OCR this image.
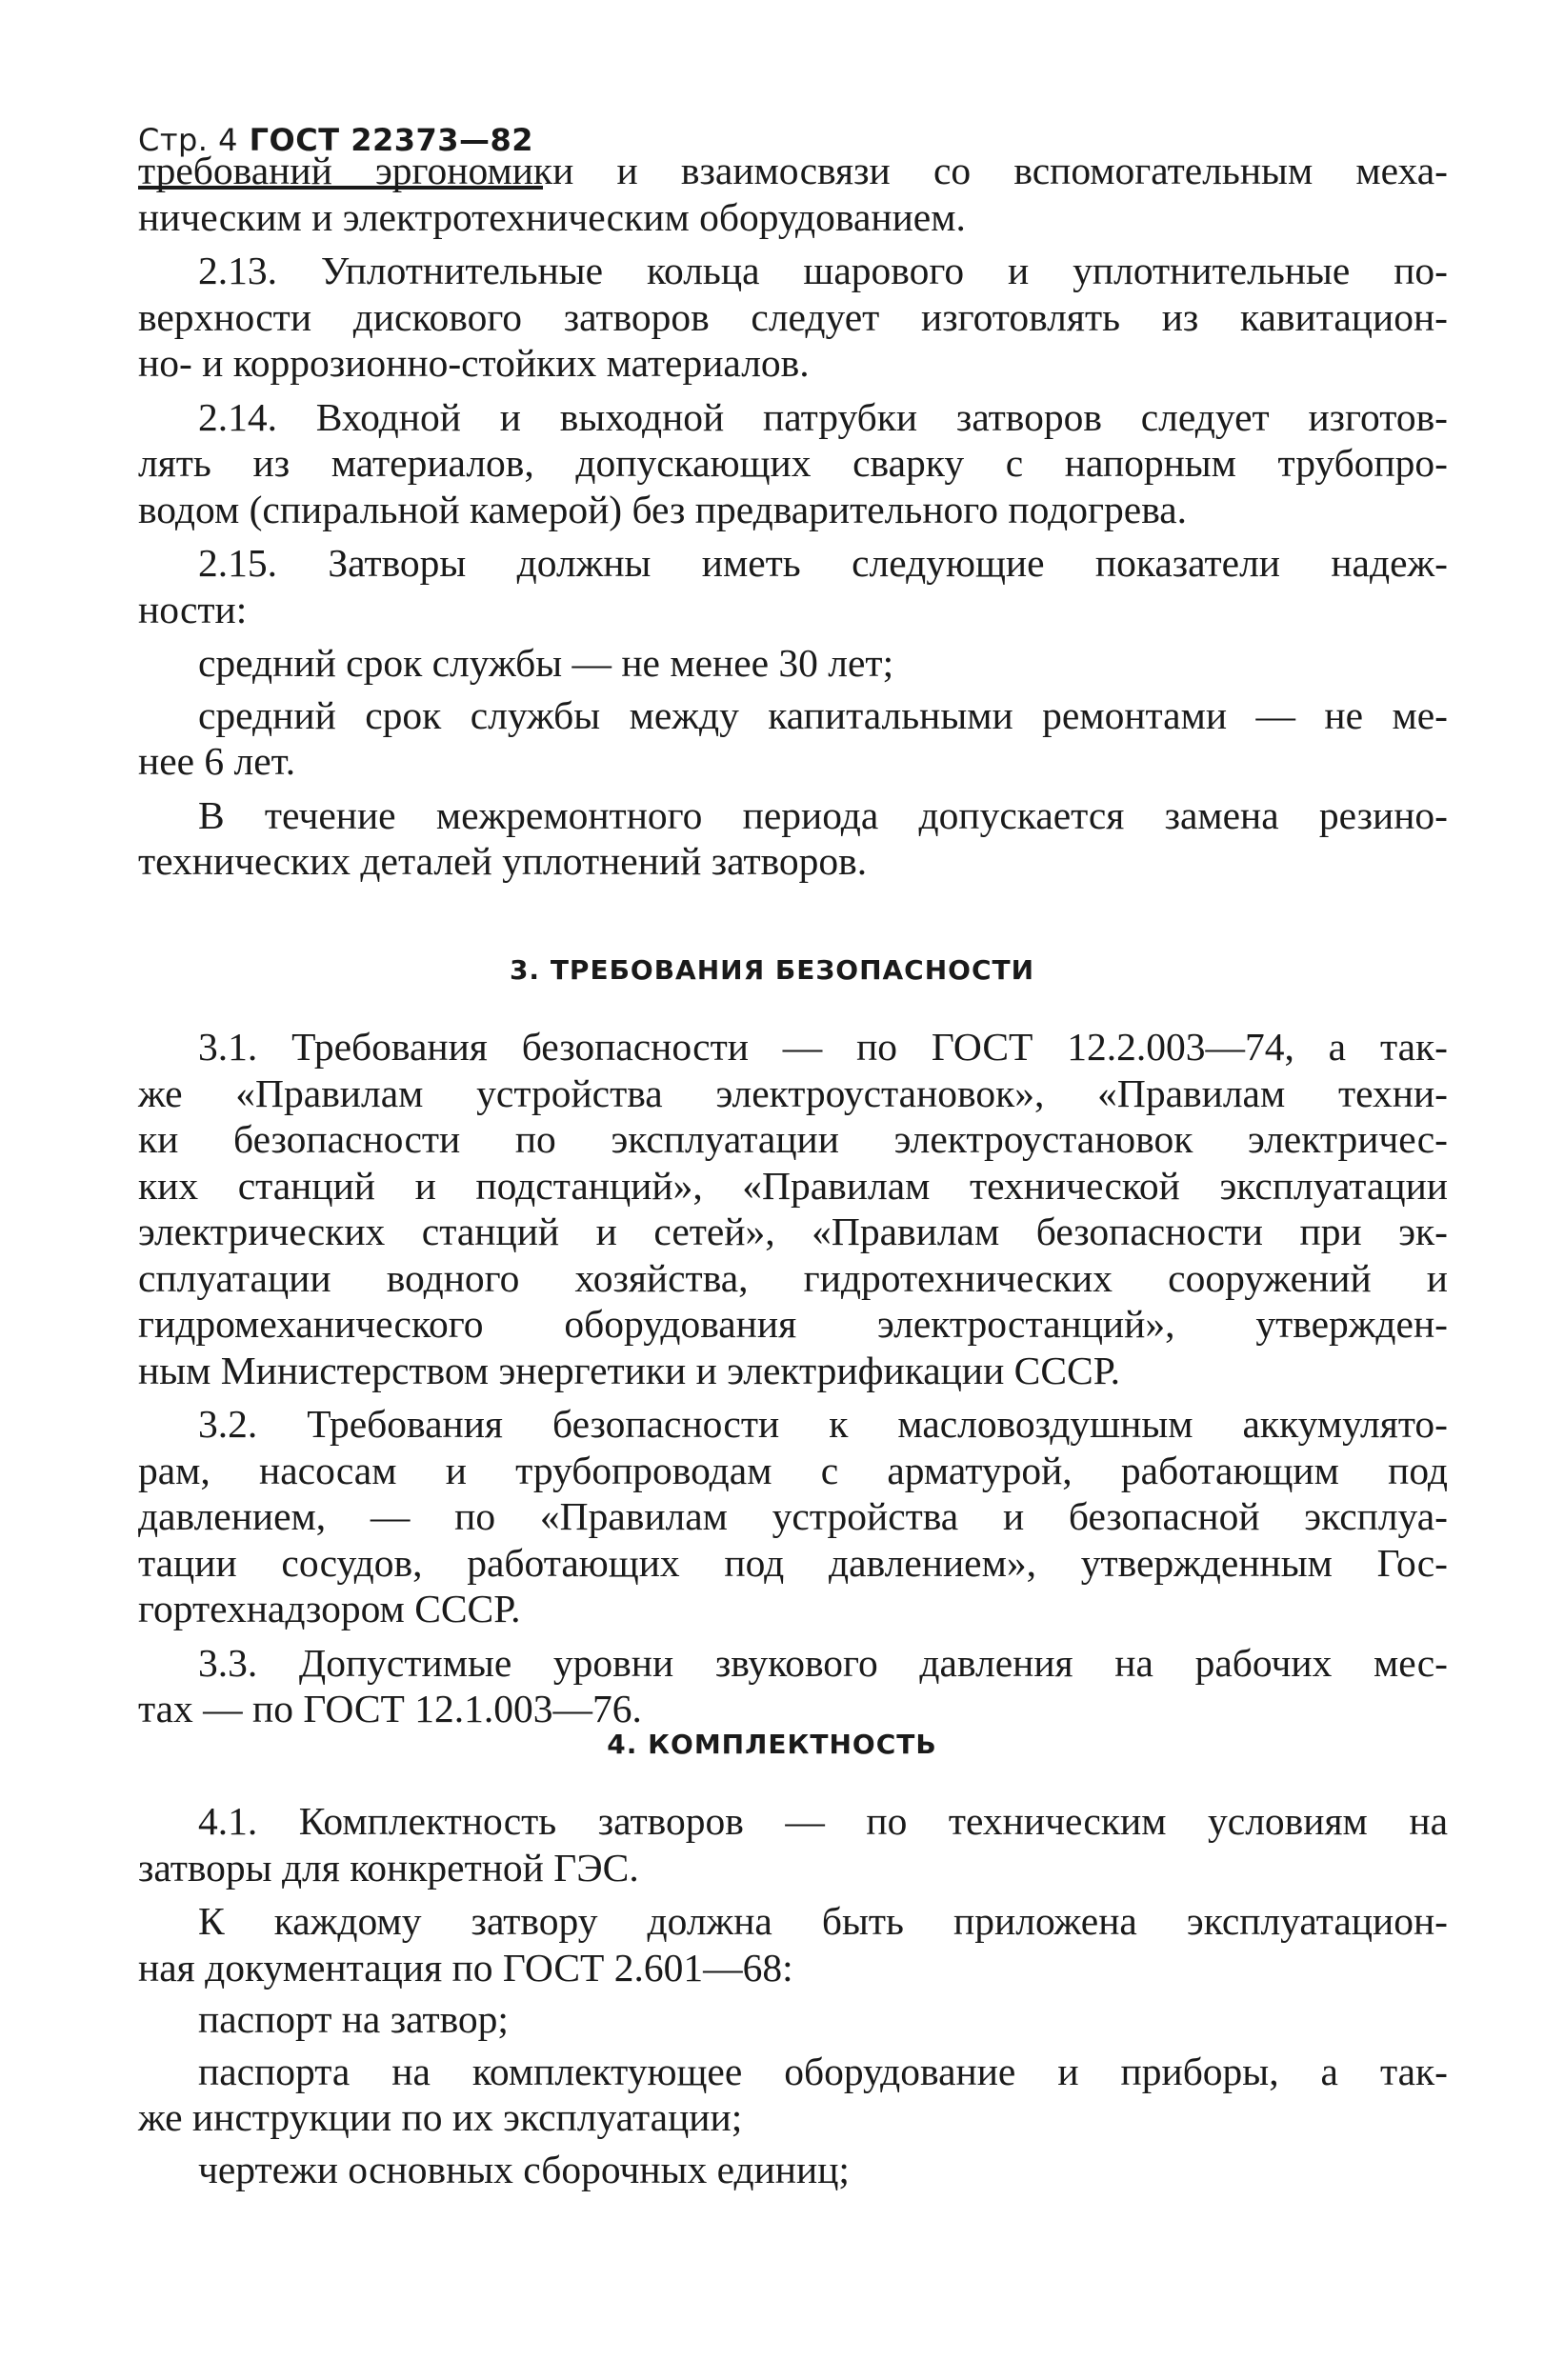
Стр. 4 ГОСТ 22373—82
требований эргономики и взаимосвязи со вспомогательным меха-
ническим и электротехническим оборудованием.
2.13. Уплотнительные кольца шарового и уплотнительные по-
верхности дискового затворов следует изготовлять из кавитацион-
но- и коррозионно-стойких материалов.
2.14. Входной и выходной патрубки затворов следует изготов-
лять из материалов, допускающих сварку с напорным трубопро-
водом (спиральной камерой) без предварительного подогрева.
2.15. Затворы должны иметь следующие показатели надеж-
ности:
средний срок службы — не менее 30 лет;
средний срок службы между капитальными ремонтами — не ме-
нее 6 лет.
В течение межремонтного периода допускается замена резино-
технических деталей уплотнений затворов.
3. ТРЕБОВАНИЯ БЕЗОПАСНОСТИ
3.1. Требования безопасности — по ГОСТ 12.2.003—74, а так-
же «Правилам устройства электроустановок», «Правилам техни-
ки безопасности по эксплуатации электроустановок электричес-
ких станций и подстанций», «Правилам технической эксплуатации
электрических станций и сетей», «Правилам безопасности при эк-
сплуатации водного хозяйства, гидротехнических сооружений и
гидромеханического оборудования электростанций», утвержден-
ным Министерством энергетики и электрификации СССР.
3.2. Требования безопасности к масловоздушным аккумулято-
рам, насосам и трубопроводам с арматурой, работающим под
давлением, — по «Правилам устройства и безопасной эксплуа-
тации сосудов, работающих под давлением», утвержденным Гос-
гортехнадзором СССР.
3.3. Допустимые уровни звукового давления на рабочих мес-
тах — по ГОСТ 12.1.003—76.
4. КОМПЛЕКТНОСТЬ
4.1. Комплектность затворов — по техническим условиям на
затворы для конкретной ГЭС.
К каждому затвору должна быть приложена эксплуатацион-
ная документация по ГОСТ 2.601—68:
паспорт на затвор;
паспорта на комплектующее оборудование и приборы, а так-
же инструкции по их эксплуатации;
чертежи основных сборочных единиц;
